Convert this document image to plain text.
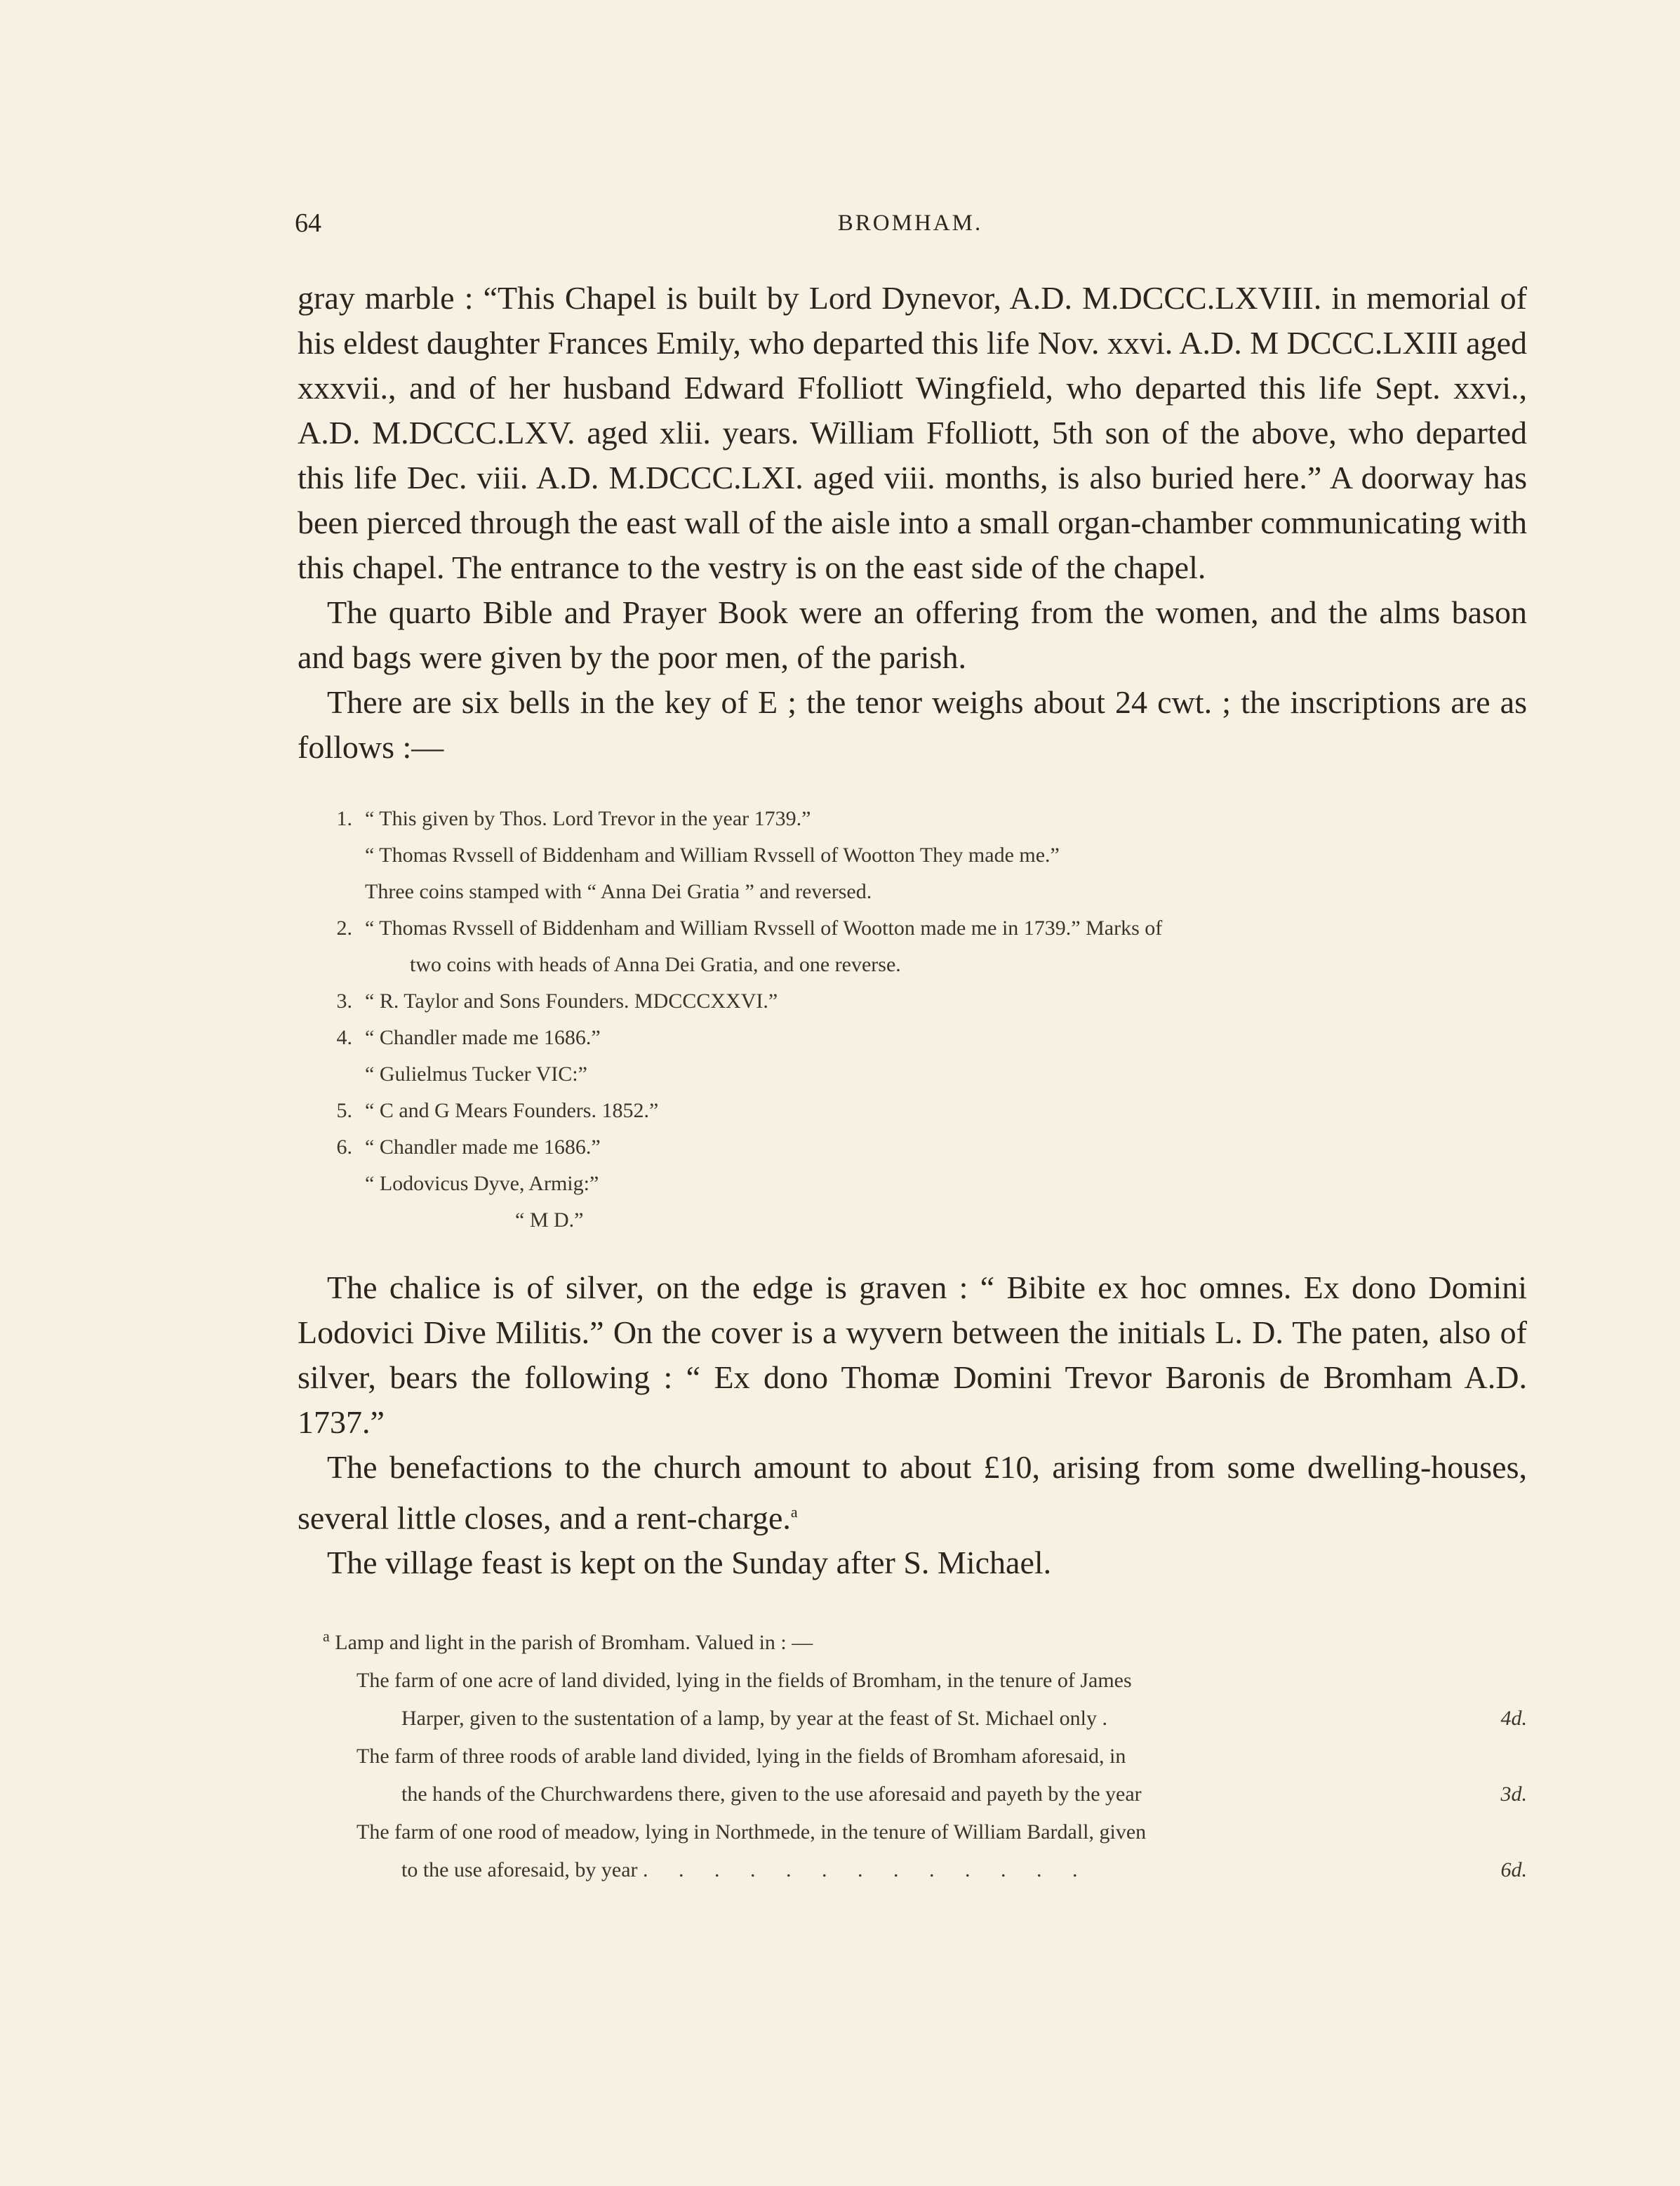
64	BROMHAM.

gray marble : “This Chapel is built by Lord Dynevor, A.D. M.DCCC.LXVIII. in memorial of his eldest daughter Frances Emily, who departed this life Nov. xxvi. A.D. M DCCC.LXIII aged xxxvii., and of her husband Edward Ffolliott Wingfield, who departed this life Sept. xxvi., A.D. M.DCCC.LXV. aged xlii. years. William Ffolliott, 5th son of the above, who departed this life Dec. viii. A.D. M.DCCC.LXI. aged viii. months, is also buried here.” A doorway has been pierced through the east wall of the aisle into a small organ-chamber communicating with this chapel. The entrance to the vestry is on the east side of the chapel.

The quarto Bible and Prayer Book were an offering from the women, and the alms bason and bags were given by the poor men, of the parish.

There are six bells in the key of E ; the tenor weighs about 24 cwt. ; the inscriptions are as follows :—

1. “ This given by Thos. Lord Trevor in the year 1739.”
“ Thomas Rvssell of Biddenham and William Rvssell of Wootton They made me.”
Three coins stamped with “ Anna Dei Gratia ” and reversed.
2. “ Thomas Rvssell of Biddenham and William Rvssell of Wootton made me in 1739.” Marks of
two coins with heads of Anna Dei Gratia, and one reverse.
3. “ R. Taylor and Sons Founders. MDCCCXXVI.”
4. “ Chandler made me 1686.”
“ Gulielmus Tucker VIC:”
5. “ C and G Mears Founders. 1852.”
6. “ Chandler made me 1686.”
“ Lodovicus Dyve, Armig:”
“ M D.”

The chalice is of silver, on the edge is graven : “ Bibite ex hoc omnes. Ex dono Domini Lodovici Dive Militis.” On the cover is a wyvern between the initials L. D. The paten, also of silver, bears the following : “ Ex dono Thomæ Domini Trevor Baronis de Bromham A.D. 1737.”

The benefactions to the church amount to about £10, arising from some dwelling-houses, several little closes, and a rent-charge.$^a$

The village feast is kept on the Sunday after S. Michael.

$^a$ Lamp and light in the parish of Bromham. Valued in : —
The farm of one acre of land divided, lying in the fields of Bromham, in the tenure of James
Harper, given to the sustentation of a lamp, by year at the feast of St. Michael only .	4d.
The farm of three roods of arable land divided, lying in the fields of Bromham aforesaid, in
the hands of the Churchwardens there, given to the use aforesaid and payeth by the year	3d.
The farm of one rood of meadow, lying in Northmede, in the tenure of William Bardall, given
to the use aforesaid, by year . . . . . . . . . . . . .	6d.
